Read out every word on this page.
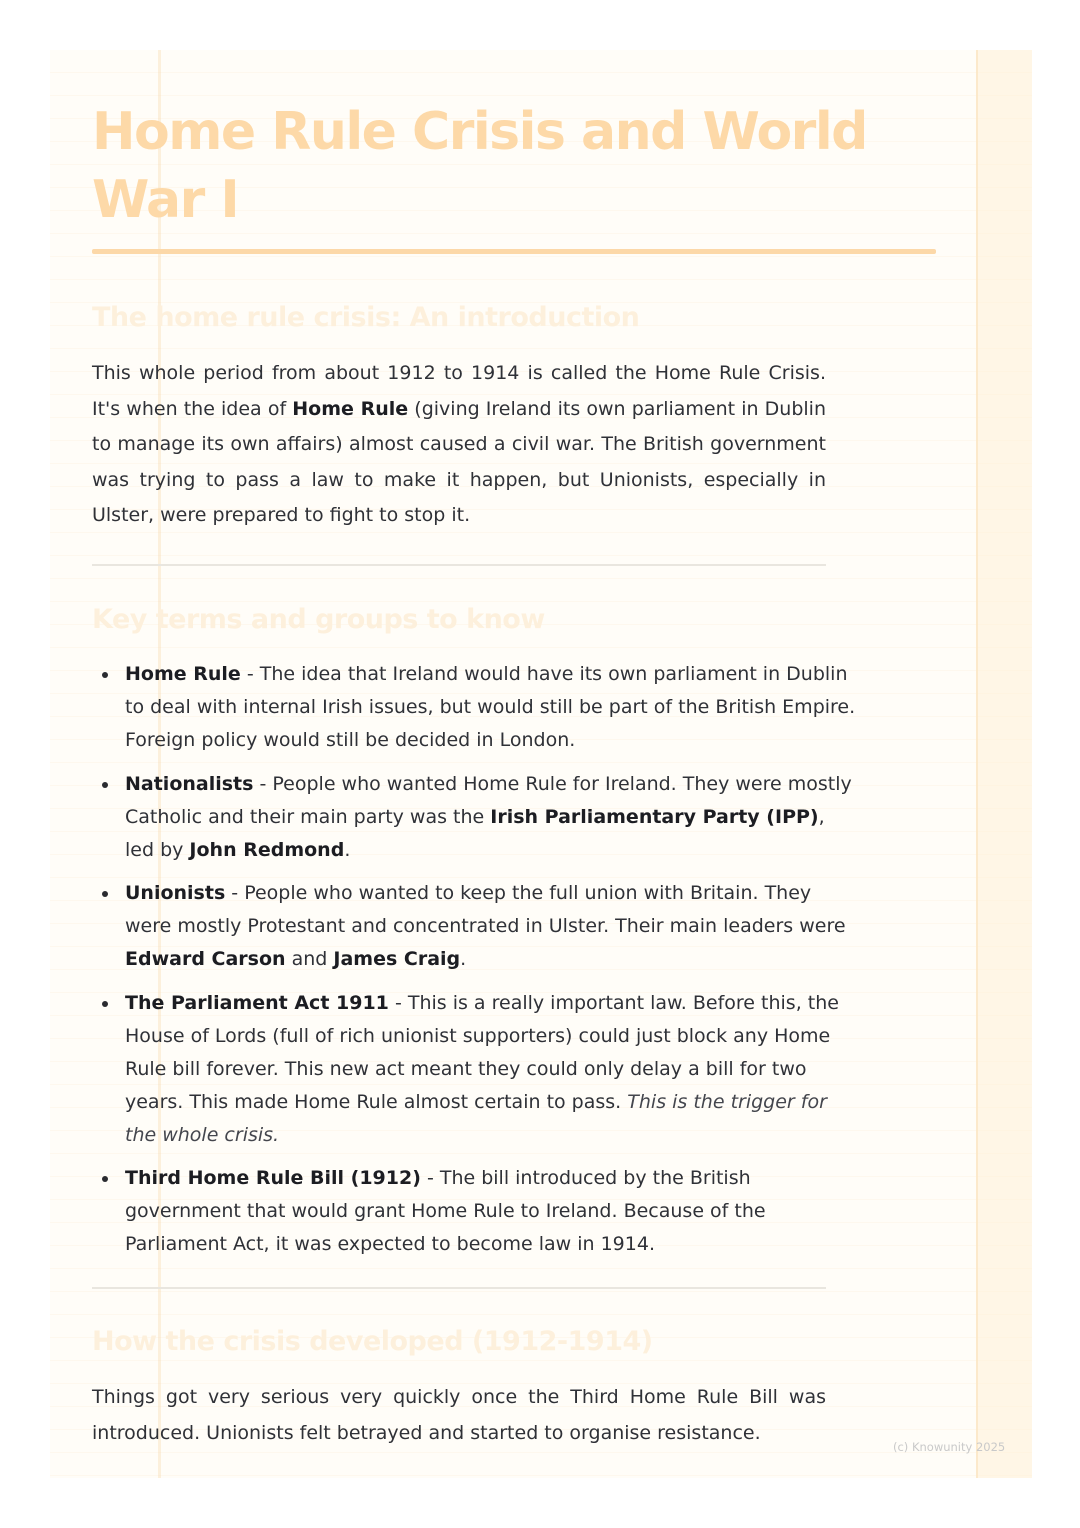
Home Rule Crisis and World War I
The home rule crisis: An introduction

This whole period from about 1912 to 1914 is called the Home Rule Crisis. It's when the idea of Home Rule (giving Ireland its own parliament in Dublin to manage its own affairs) almost caused a civil war. The British government was trying to pass a law to make it happen, but Unionists, especially in Ulster, were prepared to fight to stop it.

Key terms and groups to know
Home Rule - The idea that Ireland would have its own parliament in Dublin to deal with internal Irish issues, but would still be part of the British Empire. Foreign policy would still be decided in London.
Nationalists - People who wanted Home Rule for Ireland. They were mostly Catholic and their main party was the Irish Parliamentary Party (IPP), led by John Redmond.
Unionists - People who wanted to keep the full union with Britain. They were mostly Protestant and concentrated in Ulster. Their main leaders were Edward Carson and James Craig.
The Parliament Act 1911 - This is a really important law. Before this, the House of Lords (full of rich unionist supporters) could just block any Home Rule bill forever. This new act meant they could only delay a bill for two years. This made Home Rule almost certain to pass. This is the trigger for the whole crisis.
Third Home Rule Bill (1912) - The bill introduced by the British government that would grant Home Rule to Ireland. Because of the Parliament Act, it was expected to become law in 1914.
How the crisis developed (1912-1914)

Things got very serious very quickly once the Third Home Rule Bill was introduced. Unionists felt betrayed and started to organise resistance.

(c) Knowunity 2025
